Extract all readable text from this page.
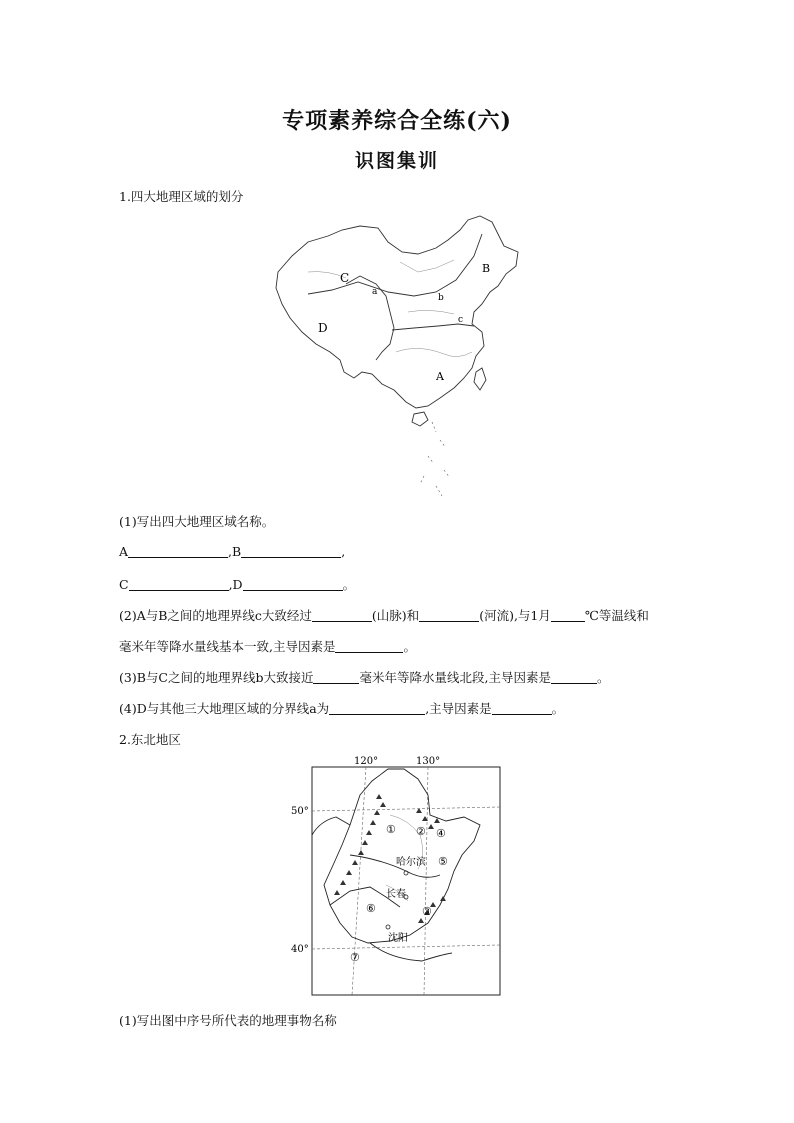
专项素养综合全练(六)
识图集训
1.四大地理区域的划分
C
D
B
A
a
b
c
(1)写出四大地理区域名称。
A	,B	,
C	,D	。
(2)A与B之间的地理界线c大致经过	(山脉)和	(河流),与1月	℃等温线和
毫米年等降水量线基本一致,主导因素是	。
(3)B与C之间的地理界线b大致接近	毫米年等降水量线北段,主导因素是	。
(4)D与其他三大地理区域的分界线a为	,主导因素是	。
2.东北地区
120°	130°
50°
40°
① ②
③
④
⑤
⑥
⑦
哈尔滨
长春
沈阳
(1)写出图中序号所代表的地理事物名称
